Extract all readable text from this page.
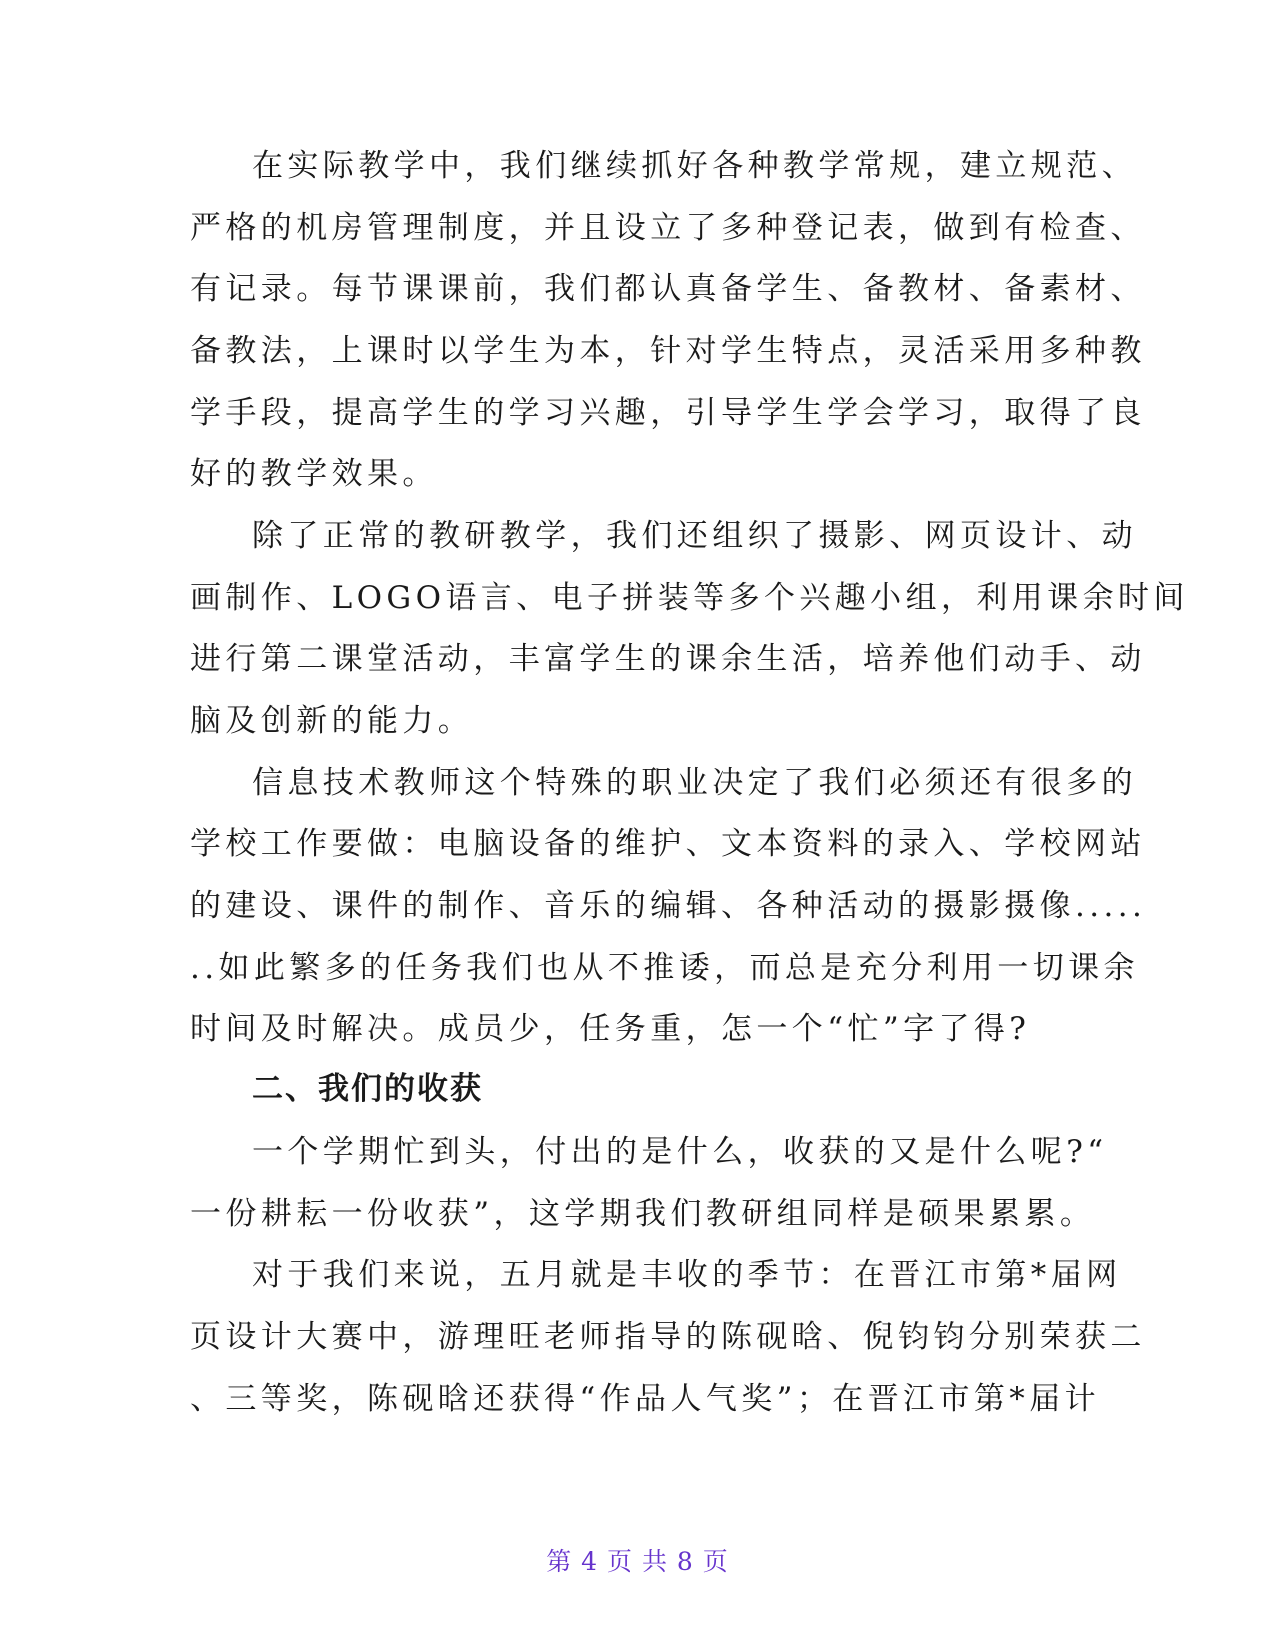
在实际教学中，我们继续抓好各种教学常规，建立规范、
严格的机房管理制度，并且设立了多种登记表，做到有检查、
有记录。每节课课前，我们都认真备学生、备教材、备素材、
备教法，上课时以学生为本，针对学生特点，灵活采用多种教
学手段，提高学生的学习兴趣，引导学生学会学习，取得了良
好的教学效果。
除了正常的教研教学，我们还组织了摄影、网页设计、动
画制作、LOGO语言、电子拼装等多个兴趣小组，利用课余时间
进行第二课堂活动，丰富学生的课余生活，培养他们动手、动
脑及创新的能力。
信息技术教师这个特殊的职业决定了我们必须还有很多的
学校工作要做：电脑设备的维护、文本资料的录入、学校网站
的建设、课件的制作、音乐的编辑、各种活动的摄影摄像.....
..如此繁多的任务我们也从不推诿，而总是充分利用一切课余
时间及时解决。成员少，任务重，怎一个“忙”字了得?
二、我们的收获
一个学期忙到头，付出的是什么，收获的又是什么呢?“
一份耕耘一份收获”，这学期我们教研组同样是硕果累累。
对于我们来说，五月就是丰收的季节：在晋江市第*届网
页设计大赛中，游理旺老师指导的陈砚晗、倪钧钧分别荣获二
、三等奖，陈砚晗还获得“作品人气奖”；在晋江市第*届计
第 4 页 共 8 页
